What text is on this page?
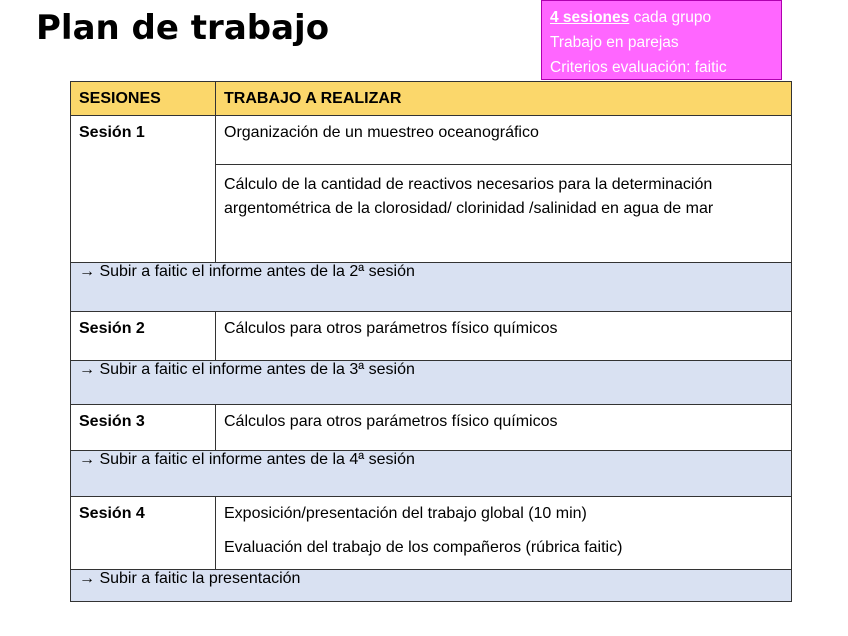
Plan de trabajo	4 sesiones cada grupo
Trabajo en parejas
Criterios evaluación: faitic
SESIONES	TRABAJO A REALIZAR
Sesión 1	Organización de un muestreo oceanográfico
	Cálculo de la cantidad de reactivos necesarios para la determinación argentométrica de la clorosidad/ clorinidad /salinidad en agua de mar
→ Subir a faitic el informe antes de la 2ª sesión	
Sesión 2	Cálculos para otros parámetros físico químicos
→ Subir a faitic el informe antes de la 3ª sesión	
Sesión 3	Cálculos para otros parámetros físico químicos
→ Subir a faitic el informe antes de la 4ª sesión	
Sesión 4	Exposición/presentación del trabajo global (10 min)
	Evaluación del trabajo de los compañeros (rúbrica faitic)
→ Subir a faitic la presentación	
